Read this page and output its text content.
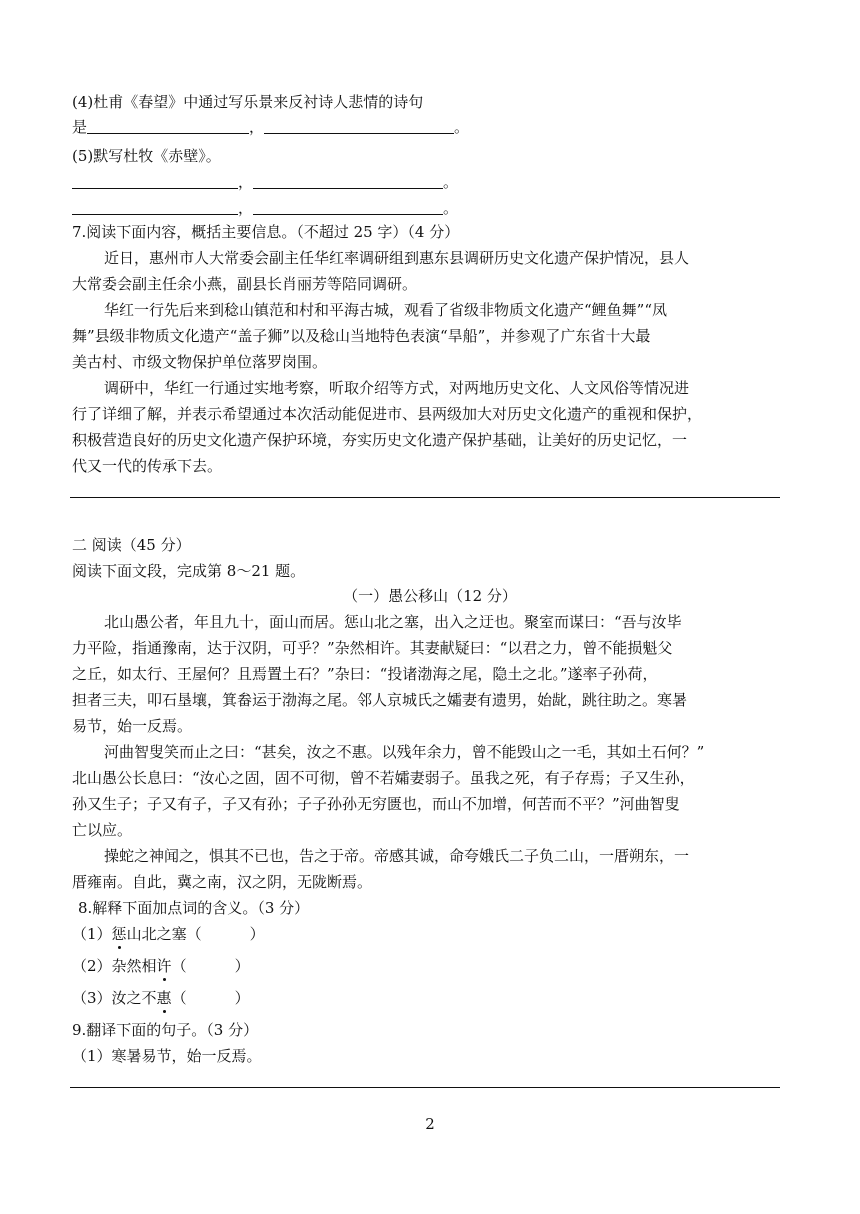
(4)杜甫《春望》中通过写乐景来反衬诗人悲情的诗句
是	，	。
(5)默写杜牧《赤壁》。
，	。
，	。
7.阅读下面内容，概括主要信息。（不超过 25 字）（4 分）
近日，惠州市人大常委会副主任华红率调研组到惠东县调研历史文化遗产保护情况，县人
大常委会副主任余小燕，副县长肖丽芳等陪同调研。
华红一行先后来到稔山镇范和村和平海古城，观看了省级非物质文化遗产“鲤鱼舞”“凤
舞”县级非物质文化遗产“盖子狮”以及稔山当地特色表演“旱船”，并参观了广东省十大最
美古村、市级文物保护单位落罗岗围。
调研中，华红一行通过实地考察，听取介绍等方式，对两地历史文化、人文风俗等情况进
行了详细了解，并表示希望通过本次活动能促进市、县两级加大对历史文化遗产的重视和保护，
积极营造良好的历史文化遗产保护环境，夯实历史文化遗产保护基础，让美好的历史记忆，一
代又一代的传承下去。
二 阅读（45 分）
阅读下面文段，完成第 8～21 题。
（一）愚公移山（12 分）
北山愚公者，年且九十，面山而居。惩山北之塞，出入之迂也。聚室而谋曰：“吾与汝毕
力平险，指通豫南，达于汉阴，可乎？”杂然相许。其妻献疑曰：“以君之力，曾不能损魁父
之丘，如太行、王屋何？且焉置土石？”杂曰：“投诸渤海之尾，隐土之北。”遂率子孙荷，
担者三夫，叩石垦壤，箕畚运于渤海之尾。邻人京城氏之孀妻有遗男，始龀，跳往助之。寒暑
易节，始一反焉。
河曲智叟笑而止之曰：“甚矣，汝之不惠。以残年余力，曾不能毁山之一毛，其如土石何？”
北山愚公长息曰：“汝心之固，固不可彻，曾不若孀妻弱子。虽我之死，有子存焉；子又生孙，
孙又生子；子又有子，子又有孙；子子孙孙无穷匮也，而山不加增，何苦而不平？”河曲智叟
亡以应。
操蛇之神闻之，惧其不已也，告之于帝。帝感其诚，命夸娥氏二子负二山，一厝朔东，一
厝雍南。自此，冀之南，汉之阴，无陇断焉。
8.解释下面加点词的含义。（3 分）
（1）惩山北之塞（	）
（2）杂然相许（	）
（3）汝之不惠（	）
9.翻译下面的句子。（3 分）
（1）寒暑易节，始一反焉。
2
